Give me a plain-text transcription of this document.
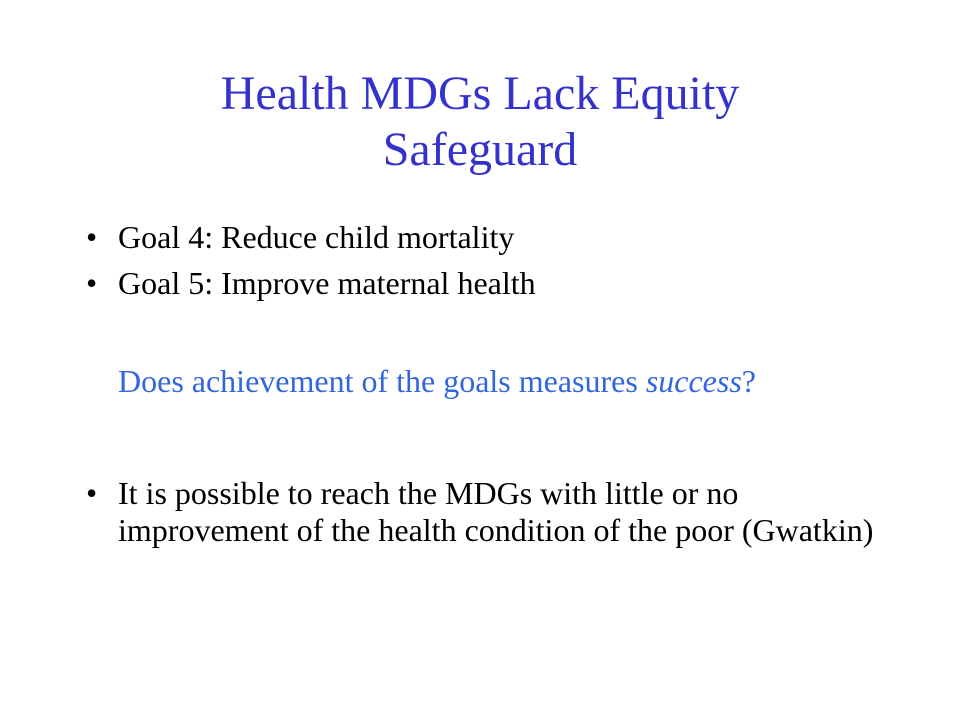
Health MDGs Lack Equity
Safeguard
• Goal 4: Reduce child mortality
• Goal 5: Improve maternal health
Does achievement of the goals measures success?
• It is possible to reach the MDGs with little or no improvement of the health condition of the poor (Gwatkin)
